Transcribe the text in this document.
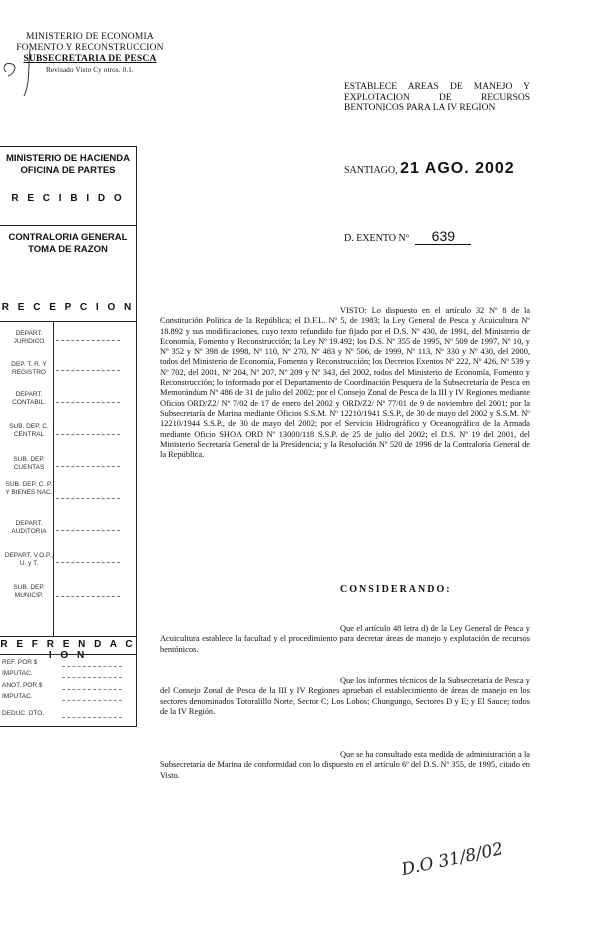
MINISTERIO DE ECONOMIA
FOMENTO Y RECONSTRUCCION
SUBSECRETARIA DE PESCA
Revisado Visto Cy otros. 0.1.
MINISTERIO DE HACIENDA
OFICINA DE PARTES
R E C I B I D O
CONTRALORIA GENERAL
TOMA DE RAZON
R E C E P C I O N
DEPART. JURIDICO
DEP. T. R. Y REGISTRO
DEPART. CONTABIL.
SUB. DEP. C. CENTRAL
SUB. DEP. CUENTAS
SUB. DEP. C. P. Y BIENES NAC.
DEPART. AUDITORIA
DEPART. V.O.P., U. y T.
SUB. DEP. MUNICIP.
R E F R E N D A C I O N
REF. POR $
IMPUTAC.
ANOT. POR $
IMPUTAC.
DEDUC. DTO.
ESTABLECE AREAS DE MANEJO Y EXPLOTACION DE RECURSOS BENTONICOS PARA LA IV REGION
SANTIAGO, 21 AGO. 2002
D. EXENTO Nº 639
VISTO: Lo dispuesto en el artículo 32 Nº 8 de la Constitución Política de la República; el D.F.L. Nº 5, de 1983; la Ley General de Pesca y Acuicultura Nº 18.892 y sus modificaciones, cuyo texto refundido fue fijado por el D.S. Nº 430, de 1991, del Ministerio de Economía, Fomento y Reconstrucción; la Ley Nº 19.492; los D.S. Nº 355 de 1995, Nº 509 de 1997, Nº 10, y Nº 352 y Nº 398 de 1998, Nº 110, Nº 270, Nº 483 y Nº 506, de 1999, Nº 113, Nº 330 y Nº 430, del 2000, todos del Ministerio de Economía, Fomento y Reconstrucción; los Decretos Exentos Nº 222, Nº 426, Nº 539 y Nº 702, del 2001, Nº 204, Nº 207, Nº 209 y Nº 343, del 2002, todos del Ministerio de Economía, Fomento y Reconstrucción; lo informado por el Departamento de Coordinación Pesquera de la Subsecretaría de Pesca en Memorándum Nº 486 de 31 de julio del 2002; por el Consejo Zonal de Pesca de la III y IV Regiones mediante Oficios ORD/Z2/ Nº 7/02 de 17 de enero del 2002 y ORD/Z2/ Nº 77/01 de 9 de noviembre del 2001; por la Subsecretaría de Marina mediante Oficios S.S.M. Nº 12210/1941 S.S.P., de 30 de mayo del 2002 y S.S.M. Nº 12210/1944 S.S.P., de 30 de mayo del 2002; por el Servicio Hidrográfico y Oceanográfico de la Armada mediante Oficio SHOA ORD Nº 13000/118 S.S.P. de 25 de julio del 2002; el D.S. Nº 19 del 2001, del Ministerio Secretaría General de la Presidencia; y la Resolución Nº 520 de 1996 de la Contraloría General de la República.
CONSIDERANDO:
Que el artículo 48 letra d) de la Ley General de Pesca y Acuicultura establece la facultad y el procedimiento para decretar áreas de manejo y explotación de recursos bentónicos.
Que los informes técnicos de la Subsecretaría de Pesca y del Consejo Zonal de Pesca de la III y IV Regiones aprueban el establecimiento de áreas de manejo en los sectores denominados Totoralillo Norte, Sector C; Los Lobos; Chungungo, Sectores D y E; y El Sauce; todos de la IV Región.
Que se ha consultado esta medida de administración a la Subsecretaría de Marina de conformidad con lo dispuesto en el artículo 6º del D.S. Nº 355, de 1995, citado en Visto.
D.O 31/8/02
